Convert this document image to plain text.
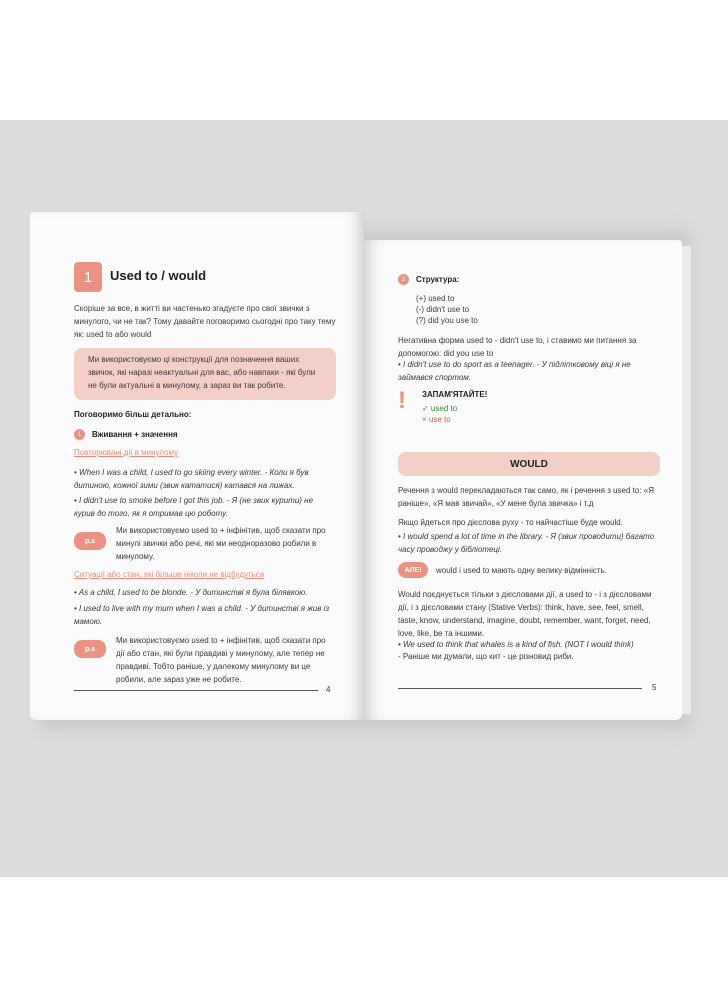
1	Used to / would
Скоріше за все, в житті ви частенько згадуєте про свої звички з минулого, чи не так? Тому давайте поговоримо сьогодні про таку тему як: used to або would
Ми використовуємо ці конструкції для позначення ваших звичок, які наразі неактуальні для вас, або навпаки - які були не були актуальні в минулому, а зараз ви так робите.
Поговоримо більш детально:
1	Вживання + значення
Повторювані дії в минулому
• When I was a child, I used to go skiing every winter. - Коли я був дитиною, кожної зими (звик кататися) катався на лижах.
• I didn't use to smoke before I got this job. - Я (не звик курити) не курив до того, як я отримав цю роботу.
p.s
Ми використовуємо used to + інфінітив, щоб сказати про минулі звички або речі, які ми неодноразово робили в минулому.
Ситуації або стан, які більше ніколи не відбудуться
• As a child, I used to be blonde. - У дитинстві я була білявкою.
• I used to live with my mum when I was a child. - У дитинстві я жив із мамою.
p.s
Ми використовуємо used to + інфінітив, щоб сказати про дії або стан, які були правдиві у минулому, але тепер не правдиві. Тобто раніше, у далекому минулому ви це робили, але зараз уже не робите.
4
2	Структура:
(+) used to
(-) didn't use to
(?) did you use to
Негативна форма used to - didn't use to, і ставимо ми питання за допомогою: did you use to
• I didn't use to do sport as a teenager. - У підлітковому віці я не займався спортом.
! ЗАПАМ'ЯТАЙТЕ!
✓ used to
× use to
WOULD
Речення з would перекладаються так само, як і речення з used to: «Я раніше», «Я мав звичай», «У мене була звичка» і т.д
Якщо йдеться про дієслова руху - то найчастіше буде would.
• I would spend a lot of time in the library. - Я (звик проводити) багато часу проводжу у бібліотеці.
АЛЕ!	would і used to мають одну велику відмінність.
Would поєднується тільки з дієсловами дії, а used to - і з дієсловами дії, і з дієсловами стану (Stative Verbs): think, have, see, feel, smell, taste, know, understand, imagine, doubt, remember, want, forget, need, love, like, be та іншими.
• We used to think that whales is a kind of fish. (NOT I would think)
- Раніше ми думали, що кит - це різновид риби.
5
